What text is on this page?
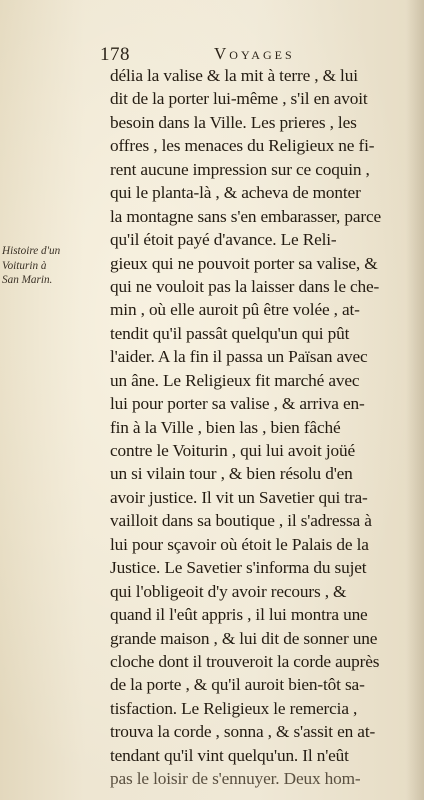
178	Voyages
Histoire d'un
Voiturin à
San Marin.
délia la valise & la mit à terre , & lui
dit de la porter lui-même , s'il en avoit
besoin dans la Ville. Les prieres , les
offres , les menaces du Religieux ne fi-
rent aucune impression sur ce coquin ,
qui le planta-là , & acheva de monter
la montagne sans s'en embarasser, parce
qu'il étoit payé d'avance. Le Reli-
gieux qui ne pouvoit porter sa valise, &
qui ne vouloit pas la laisser dans le che-
min , où elle auroit pû être volée , at-
tendit qu'il passât quelqu'un qui pût
l'aider. A la fin il passa un Païsan avec
un âne. Le Religieux fit marché avec
lui pour porter sa valise , & arriva en-
fin à la Ville , bien las , bien fâché
contre le Voiturin , qui lui avoit joüé
un si vilain tour , & bien résolu d'en
avoir justice. Il vit un Savetier qui tra-
vailloit dans sa boutique , il s'adressa à
lui pour sçavoir où étoit le Palais de la
Justice. Le Savetier s'informa du sujet
qui l'obligeoit d'y avoir recours , &
quand il l'eût appris , il lui montra une
grande maison , & lui dit de sonner une
cloche dont il trouveroit la corde auprès
de la porte , & qu'il auroit bien-tôt sa-
tisfaction. Le Religieux le remercia ,
trouva la corde , sonna , & s'assit en at-
tendant qu'il vint quelqu'un. Il n'eût
pas le loisir de s'ennuyer. Deux hom-
